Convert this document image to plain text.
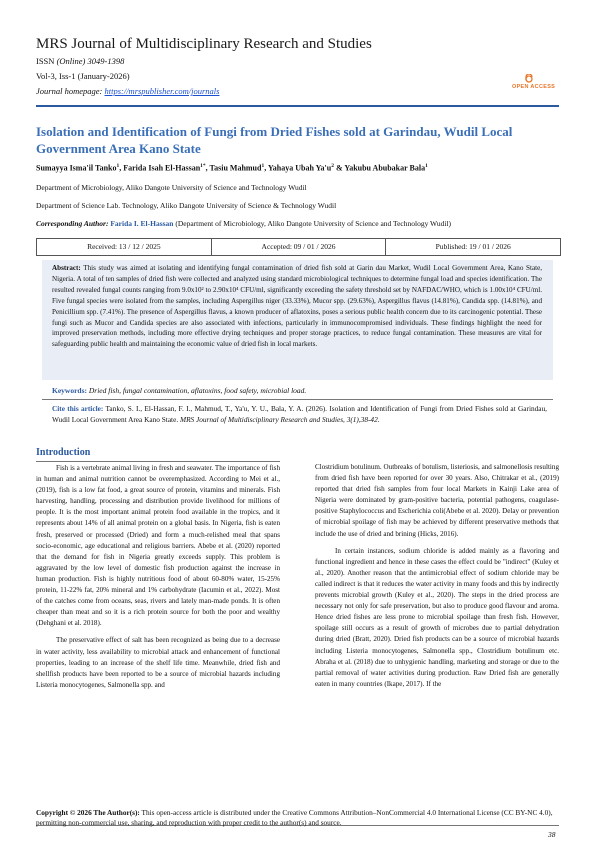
MRS Journal of Multidisciplinary Research and Studies
ISSN (Online) 3049-1398
Vol-3, Iss-1 (January-2026)
Journal homepage: https://mrspublisher.com/journals	OPEN ACCESS
Isolation and Identification of Fungi from Dried Fishes sold at Garindau, Wudil Local Government Area Kano State
Sumayya Isma'il Tanko$^1$, Farida Isah El-Hassan$^{1*}$, Tasiu Mahmud$^1$, Yahaya Ubah $Ya'u^2$ & Yakubu Abubakar Bala$^1$
Department of Microbiology, Aliko Dangote University of Science and Technology Wudil
Department of Science Lab. Technology, Aliko Dangote University of Science & Technology Wudil
Corresponding Author: Farida I. El-Hassan (Department of Microbiology, Aliko Dangote University of Science and Technology Wudil)
Received: 13 / 12 / 2025	Accepted: 09 / 01 / 2026	Published: 19 / 01 / 2026
Abstract: This study was aimed at isolating and identifying fungal contamination of dried fish sold at Garin dau Market, Wudil Local Government Area, Kano State, Nigeria. A total of ten samples of dried fish were collected and analyzed using standard microbiological techniques to determine fungal load and species identification. The resulted revealed fungal counts ranging from 9.0x10² to 2.90x10⁴ CFU/ml, significantly exceeding the safety threshold set by NAFDAC/WHO, which is 1.00x10⁴ CFU/ml. Five fungal species were isolated from the samples, including Aspergillus niger (33.33%), Mucor spp. (29.63%), Aspergillus flavus (14.81%), Candida spp. (14.81%), and Penicillium spp. (7.41%). The presence of Aspergillus flavus, a known producer of aflatoxins, poses a serious public health concern due to its carcinogenic potential. These fungi such as Mucor and Candida species are also associated with infections, particularly in immunocompromised individuals. These findings highlight the need for improved preservation methods, including more effective drying techniques and proper storage practices, to reduce fungal contamination. These measures are vital for safeguarding public health and maintaining the economic value of dried fish in local markets.
Keywords: Dried fish, fungal contamination, aflatoxins, food safety, microbial load.
Cite this article: Tanko, S. I., El-Hassan, F. I., Mahmud, T., Ya'u, Y. U., Bala, Y. A. (2026). Isolation and Identification of Fungi from Dried Fishes sold at Garindau, Wudil Local Government Area Kano State. MRS Journal of Multidisciplinary Research and Studies, 3(1),38-42.
Introduction

Fish is a vertebrate animal living in fresh and seawater. The importance of fish in human and animal nutrition cannot be overemphasized. According to Mei et al., (2019), fish is a low fat food, a great source of protein, vitamins and minerals. Fish harvesting, handling, processing and distribution provide livelihood for millions of people. It is the most important animal protein food available in the tropics, and it represents about 14% of all animal protein on a global basis. In Nigeria, fish is eaten fresh, preserved or processed (Dried) and form a much-relished meal that spans socio-economic, age educational and religious barriers. Abebe et al. (2020) reported that the demand for fish in Nigeria greatly exceeds supply. This problem is aggravated by the low level of domestic fish production against the increase in human production. Fish is highly nutritious food of about 60-80% water, 15-25% protein, 11-22% fat, 20% mineral and 1% carbohydrate (Iacumin et al., 2022). Most of the catches come from oceans, seas, rivers and lately man-made ponds. It is often cheaper than meat and so it is a rich protein source for both the poor and wealthy (Dehghani et al. 2018).

The preservative effect of salt has been recognized as being due to a decrease in water activity, less availability to microbial attack and enhancement of functional properties, leading to an increase of the shelf life time. Meanwhile, dried fish and shellfish products have been reported to be a source of microbial hazards including Listeria monocytogenes, Salmonella spp. and

Clostridium botulinum. Outbreaks of botulism, listeriosis, and salmonellosis resulting from dried fish have been reported for over 30 years. Also, Chitrakar et al., (2019) reported that dried fish samples from four local Markets in Kainji Lake area of Nigeria were dominated by gram-positive bacteria, potential pathogens, coagulase-positive Staphylococcus and Escherichia coli(Abebe et al. 2020). Delay or prevention of microbial spoilage of fish may be achieved by different preservative methods that include the use of dried and brining (Hicks, 2016).

In certain instances, sodium chloride is added mainly as a flavoring and functional ingredient and hence in these cases the effect could be "indirect" (Kuley et al., 2020). Another reason that the antimicrobial effect of sodium chloride may be called indirect is that it reduces the water activity in many foods and this by indirectly prevents microbial growth (Kuley et al., 2020). The steps in the dried process are necessary not only for safe preservation, but also to produce good flavour and aroma. Hence dried fishes are less prone to microbial spoilage than fresh fish. However, spoilage still occurs as a result of growth of microbes due to partial dehydration during dried (Bratt, 2020). Dried fish products can be a source of microbial hazards including Listeria monocytogenes, Salmonella spp., Clostridium botulinum etc. Abraha et al. (2018) due to unhygienic handling, marketing and storage or due to the partial removal of water activities during production. Raw Dried fish are generally eaten in many countries (Ikape, 2017). If the

Copyright © 2026 The Author(s): This open-access article is distributed under the Creative Commons Attribution–NonCommercial 4.0 International License (CC BY-NC 4.0), permitting non-commercial use, sharing, and reproduction with proper credit to the author(s) and source.
38
